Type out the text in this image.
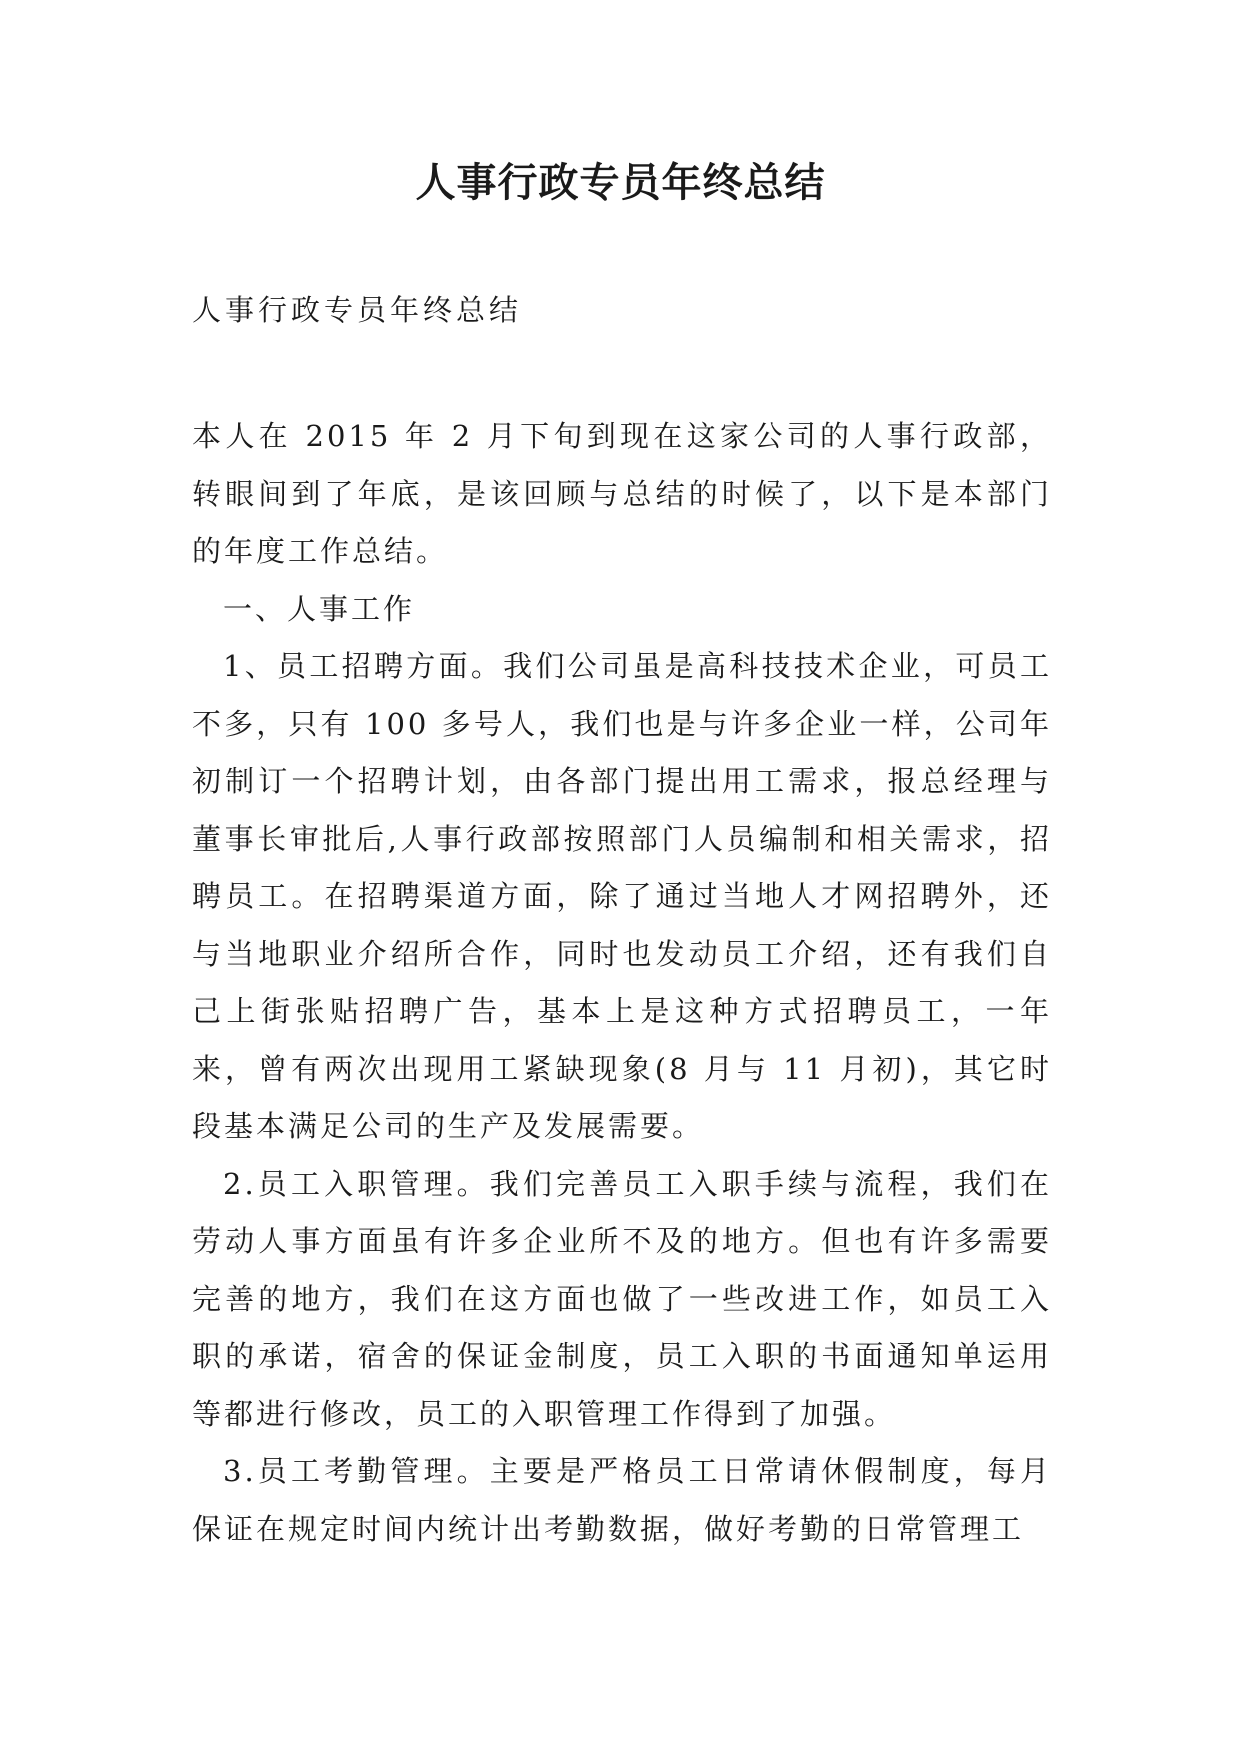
人事行政专员年终总结

人事行政专员年终总结

本人在 2015 年 2 月下旬到现在这家公司的人事行政部，转眼间到了年底，是该回顾与总结的时候了，以下是本部门的年度工作总结。

一、人事工作

1、员工招聘方面。我们公司虽是高科技技术企业，可员工不多，只有 100 多号人，我们也是与许多企业一样，公司年初制订一个招聘计划，由各部门提出用工需求，报总经理与董事长审批后,人事行政部按照部门人员编制和相关需求，招聘员工。在招聘渠道方面，除了通过当地人才网招聘外，还与当地职业介绍所合作，同时也发动员工介绍，还有我们自己上街张贴招聘广告，基本上是这种方式招聘员工，一年来，曾有两次出现用工紧缺现象(8 月与 11 月初)，其它时段基本满足公司的生产及发展需要。

2.员工入职管理。我们完善员工入职手续与流程，我们在劳动人事方面虽有许多企业所不及的地方。但也有许多需要完善的地方，我们在这方面也做了一些改进工作，如员工入职的承诺，宿舍的保证金制度，员工入职的书面通知单运用等都进行修改，员工的入职管理工作得到了加强。

3.员工考勤管理。主要是严格员工日常请休假制度，每月保证在规定时间内统计出考勤数据，做好考勤的日常管理工
